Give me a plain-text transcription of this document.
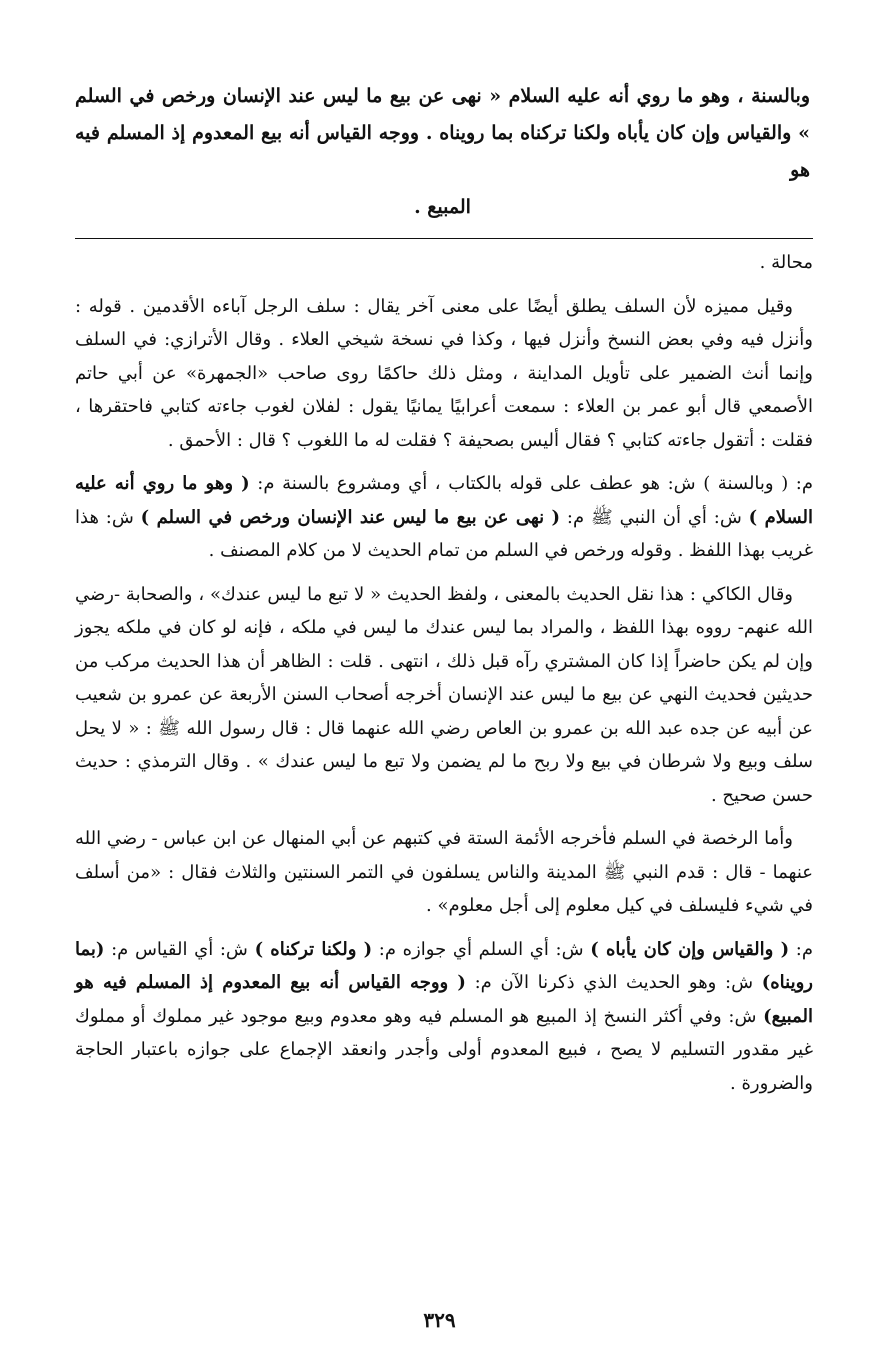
وبالسنة ، وهو ما روي أنه عليه السلام « نهى عن بيع ما ليس عند الإنسان ورخص في السلم » والقياس وإن كان يأباه ولكنا تركناه بما رويناه . ووجه القياس أنه بيع المعدوم إذ المسلم فيه هو
المبيع .

محالة .

وقيل مميزه لأن السلف يطلق أيضًا على معنى آخر يقال : سلف الرجل آباءه الأقدمين . قوله : وأنزل فيه وفي بعض النسخ وأنزل فيها ، وكذا في نسخة شيخي العلاء . وقال الأترازي: في السلف وإنما أنث الضمير على تأويل المداينة ، ومثل ذلك حاكمًا روى صاحب «الجمهرة» عن أبي حاتم الأصمعي قال أبو عمر بن العلاء : سمعت أعرابيًا يمانيًا يقول : لفلان لغوب جاءته كتابي فاحتقرها ، فقلت : أتقول جاءته كتابي ؟ فقال أليس بصحيفة ؟ فقلت له ما اللغوب ؟ قال : الأحمق .

م: ( وبالسنة ) ش: هو عطف على قوله بالكتاب ، أي ومشروع بالسنة م: ( وهو ما روي أنه عليه السلام ) ش: أي أن النبي ﷺ م: ( نهى عن بيع ما ليس عند الإنسان ورخص في السلم ) ش: هذا غريب بهذا اللفظ . وقوله ورخص في السلم من تمام الحديث لا من كلام المصنف .

وقال الكاكي : هذا نقل الحديث بالمعنى ، ولفظ الحديث « لا تبع ما ليس عندك» ، والصحابة -رضي الله عنهم- رووه بهذا اللفظ ، والمراد بما ليس عندك ما ليس في ملكه ، فإنه لو كان في ملكه يجوز وإن لم يكن حاضراً إذا كان المشتري رآه قبل ذلك ، انتهى . قلت : الظاهر أن هذا الحديث مركب من حديثين فحديث النهي عن بيع ما ليس عند الإنسان أخرجه أصحاب السنن الأربعة عن عمرو بن شعيب عن أبيه عن جده عبد الله بن عمرو بن العاص رضي الله عنهما قال : قال رسول الله ﷺ : « لا يحل سلف وبيع ولا شرطان في بيع ولا ربح ما لم يضمن ولا تبع ما ليس عندك » . وقال الترمذي : حديث حسن صحيح .

وأما الرخصة في السلم فأخرجه الأئمة الستة في كتبهم عن أبي المنهال عن ابن عباس - رضي الله عنهما - قال : قدم النبي ﷺ المدينة والناس يسلفون في التمر السنتين والثلاث فقال : «من أسلف في شيء فليسلف في كيل معلوم إلى أجل معلوم» .

م: ( والقياس وإن كان يأباه ) ش: أي السلم أي جوازه م: ( ولكنا تركناه ) ش: أي القياس م: (بما رويناه) ش: وهو الحديث الذي ذكرنا الآن م: ( ووجه القياس أنه بيع المعدوم إذ المسلم فيه هو المبيع) ش: وفي أكثر النسخ إذ المبيع هو المسلم فيه وهو معدوم وبيع موجود غير مملوك أو مملوك غير مقدور التسليم لا يصح ، فبيع المعدوم أولى وأجدر وانعقد الإجماع على جوازه باعتبار الحاجة والضرورة .

٣٢٩
